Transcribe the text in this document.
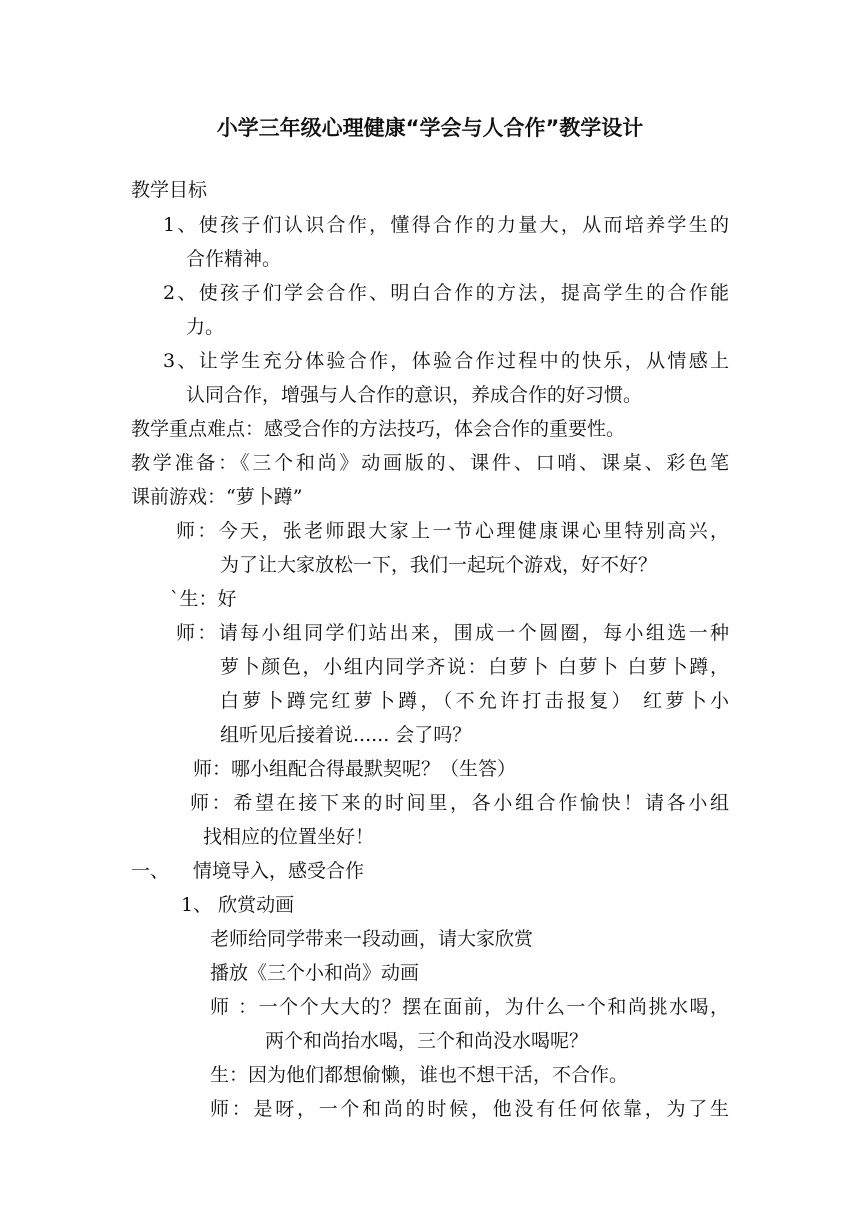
小学三年级心理健康“学会与人合作”教学设计
教学目标
1、使孩子们认识合作，懂得合作的力量大，从而培养学生的
合作精神。
2、使孩子们学会合作、明白合作的方法，提高学生的合作能
力。
3、让学生充分体验合作，体验合作过程中的快乐，从情感上
认同合作，增强与人合作的意识，养成合作的好习惯。
教学重点难点：感受合作的方法技巧，体会合作的重要性。
教学准备：《三个和尚》动画版的、课件、口哨、课桌、彩色笔
课前游戏：“萝卜蹲”
师：今天，张老师跟大家上一节心理健康课心里特别高兴，
为了让大家放松一下，我们一起玩个游戏，好不好？
`生：好
师：请每小组同学们站出来，围成一个圆圈，每小组选一种
萝卜颜色，小组内同学齐说：白萝卜 白萝卜 白萝卜蹲，
白萝卜蹲完红萝卜蹲，（不允许打击报复） 红萝卜小
组听见后接着说...... 会了吗？
师：哪小组配合得最默契呢？（生答）
师：希望在接下来的时间里，各小组合作愉快！请各小组
找相应的位置坐好！
一、 情境导入，感受合作
1、 欣赏动画
老师给同学带来一段动画，请大家欣赏
播放《三个小和尚》动画
师 ：一个个大大的？摆在面前，为什么一个和尚挑水喝，
两个和尚抬水喝，三个和尚没水喝呢？
生：因为他们都想偷懒，谁也不想干活，不合作。
师：是呀，一个和尚的时候，他没有任何依靠，为了生
